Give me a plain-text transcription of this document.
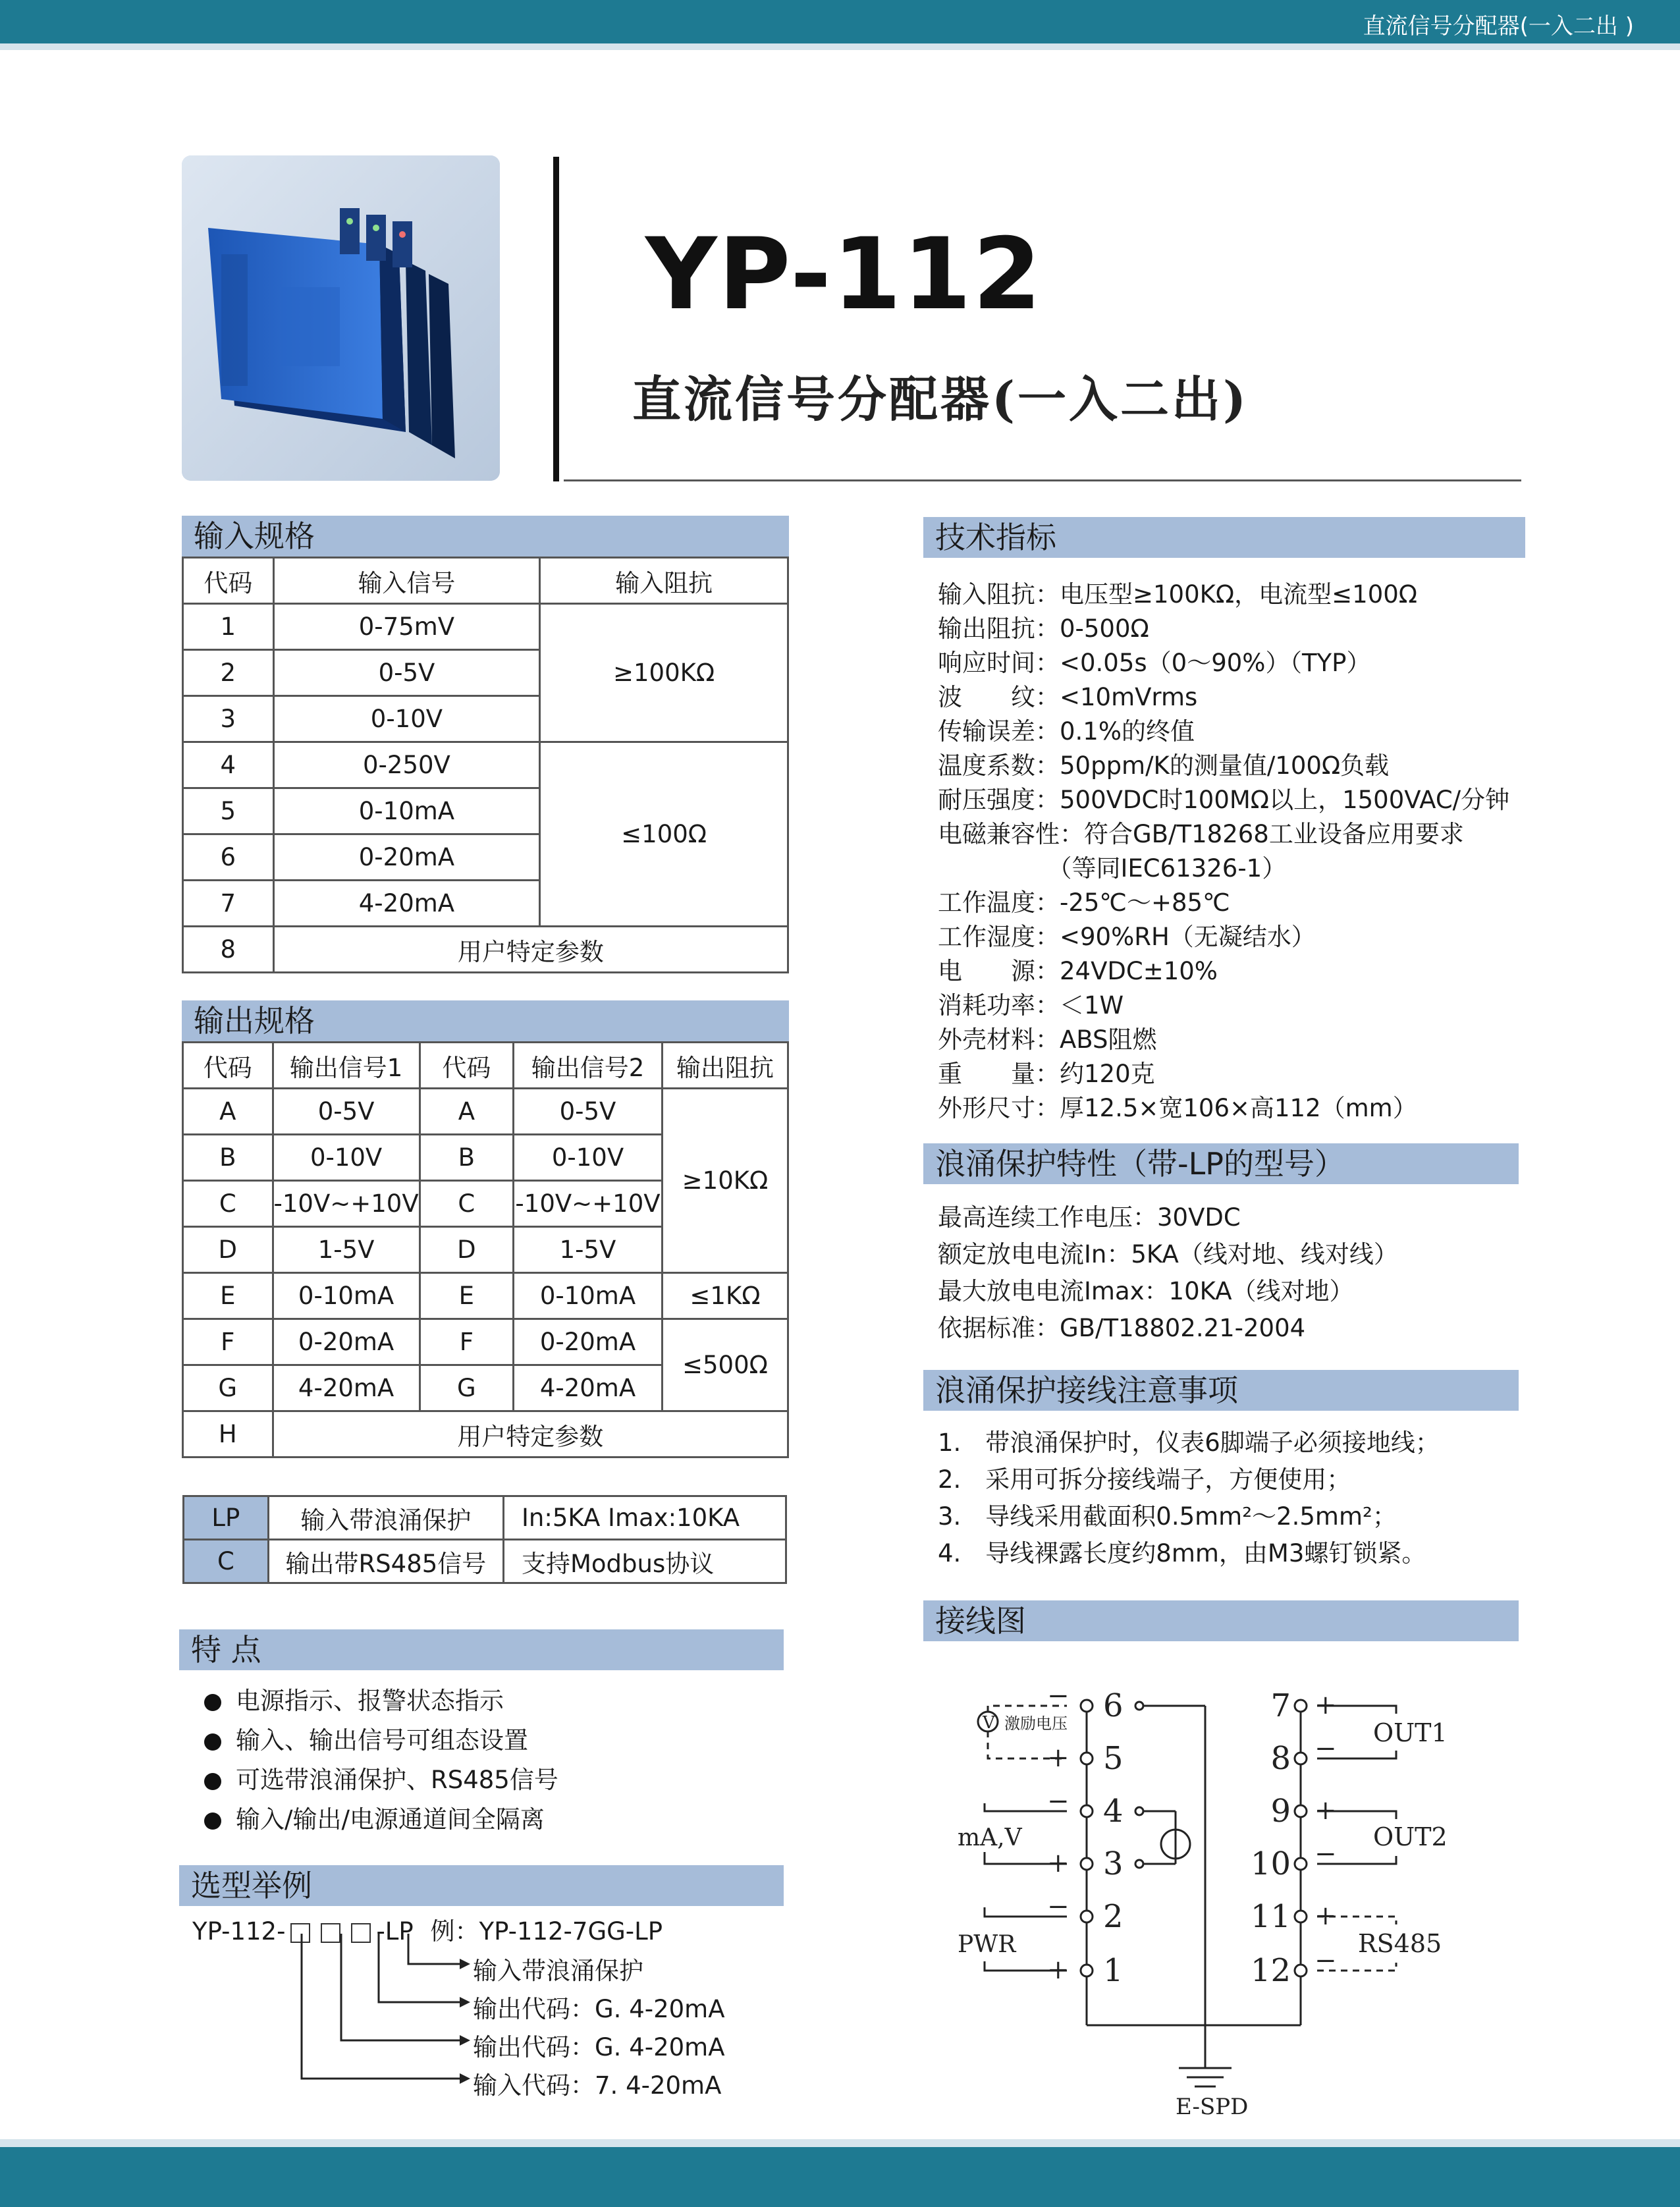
直流信号分配器(一入二出 )
YP-112
直流信号分配器(一入二出)
输入规格
代码	输入信号	输入阻抗
1	0-75mV	≥100KΩ
2	0-5V	
3	0-10V	
4	0-250V	≤100Ω
5	0-10mA	
6	0-20mA	
7	4-20mA	
8	用户特定参数	
输出规格
代码	输出信号1	代码	输出信号2	输出阻抗
A	0-5V	A	0-5V	≥10KΩ
B	0-10V	B	0-10V	
C	-10V~+10V	C	-10V~+10V	
D	1-5V	D	1-5V	
E	0-10mA	E	0-10mA	≤1KΩ
F	0-20mA	F	0-20mA	≤500Ω
G	4-20mA	G	4-20mA	
H	用户特定参数			
LP	输入带浪涌保护	In:5KA Imax:10KA
C	输出带RS485信号	支持Modbus协议
特 点
电源指示、报警状态指示
输入、输出信号可组态设置
可选带浪涌保护、RS485信号
输入/输出/电源通道间全隔离
选型举例
YP-112-	-LP 例：YP-112-7GG-LP
输入带浪涌保护
输出代码：G. 4-20mA
输出代码：G. 4-20mA
输入代码：7. 4-20mA
技术指标
输入阻抗：电压型≥100KΩ，电流型≤100Ω
输出阻抗：0-500Ω
响应时间：<0.05s（0～90%）（TYP）
波　　纹：<10mVrms
传输误差：0.1%的终值
温度系数：50ppm/K的测量值/100Ω负载
耐压强度：500VDC时100MΩ以上，1500VAC/分钟
电磁兼容性：符合GB/T18268工业设备应用要求
　　　　　（等同IEC61326-1）
工作温度：-25℃～+85℃
工作湿度：<90%RH（无凝结水）
电　　源：24VDC±10%
消耗功率：＜1W
外壳材料：ABS阻燃
重　　量：约120克
外形尺寸：厚12.5×宽106×高112（mm）
浪涌保护特性（带-LP的型号）
最高连续工作电压：30VDC
额定放电电流In：5KA（线对地、线对线）
最大放电电流Imax：10KA（线对地）
依据标准：GB/T18802.21-2004
浪涌保护接线注意事项
1.　带浪涌保护时，仪表6脚端子必须接地线；
2.　采用可拆分接线端子，方便使用；
3.　导线采用截面积0.5mm²～2.5mm²；
4.　导线裸露长度约8mm，由M3螺钉锁紧。
接线图
6
5
4
3
2
1
7
8
9
10
11
12
−
+
−
+
−
+
+
−
+
−
+
−
V 激励电压
mA,V
PWR
OUT1
OUT2
RS485
E-SPD
